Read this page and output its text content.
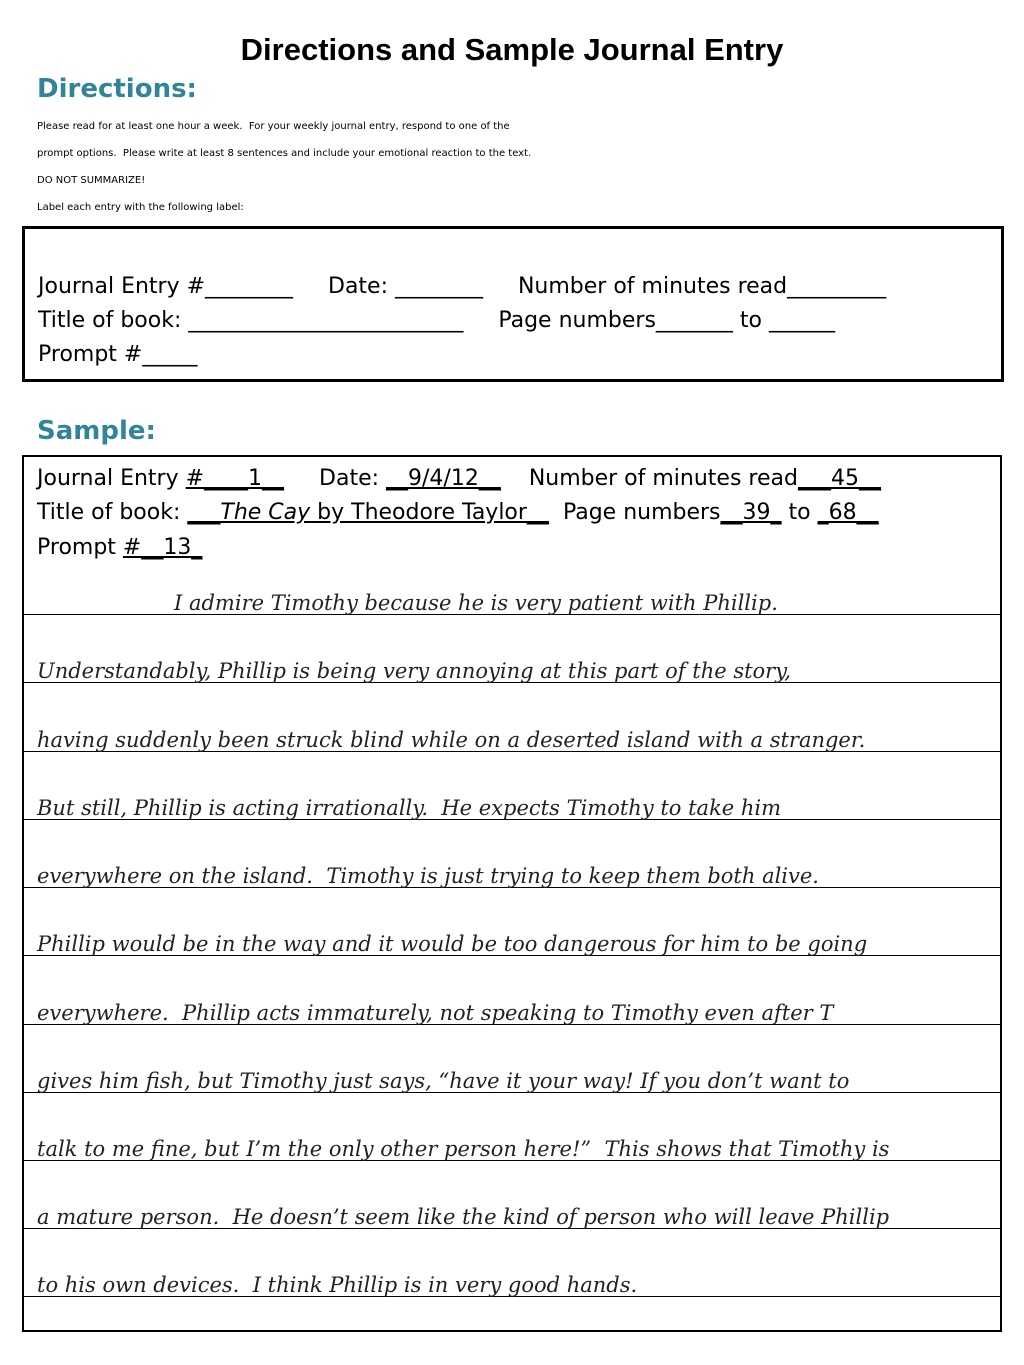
Directions and Sample Journal Entry
Directions:
Please read for at least one hour a week.  For your weekly journal entry, respond to one of the
prompt options.  Please write at least 8 sentences and include your emotional reaction to the text.
DO NOT SUMMARIZE!
Label each entry with the following label:
Journal Entry #________     Date: ________     Number of minutes read_________
Title of book: _________________________     Page numbers_______ to ______
Prompt #_____
Sample:
Journal Entry #____1__ Date: __9/4/12__ Number of minutes read___45__
Title of book: ___The Cay by Theodore Taylor__ Page numbers__39_ to _68__
Prompt #__13_
I admire Timothy because he is very patient with Phillip.
Understandably, Phillip is being very annoying at this part of the story,
having suddenly been struck blind while on a deserted island with a stranger.
But still, Phillip is acting irrationally.  He expects Timothy to take him
everywhere on the island.  Timothy is just trying to keep them both alive.
Phillip would be in the way and it would be too dangerous for him to be going
everywhere.  Phillip acts immaturely, not speaking to Timothy even after T
gives him fish, but Timothy just says, “have it your way! If you don’t want to
talk to me fine, but I’m the only other person here!”  This shows that Timothy is
a mature person.  He doesn’t seem like the kind of person who will leave Phillip
to his own devices.  I think Phillip is in very good hands.
